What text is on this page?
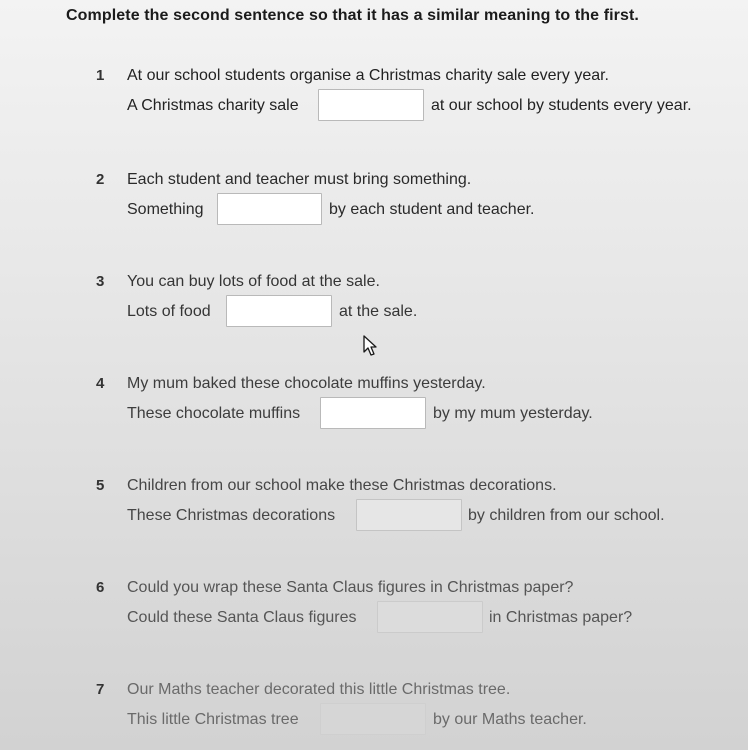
Complete the second sentence so that it has a similar meaning to the first.
1 At our school students organise a Christmas charity sale every year.
A Christmas charity sale	at our school by students every year.
2 Each student and teacher must bring something.
Something	by each student and teacher.
3 You can buy lots of food at the sale.
Lots of food	at the sale.
4 My mum baked these chocolate muffins yesterday.
These chocolate muffins	by my mum yesterday.
5 Children from our school make these Christmas decorations.
These Christmas decorations	by children from our school.
6 Could you wrap these Santa Claus figures in Christmas paper?
Could these Santa Claus figures	in Christmas paper?
7 Our Maths teacher decorated this little Christmas tree.
This little Christmas tree	by our Maths teacher.
